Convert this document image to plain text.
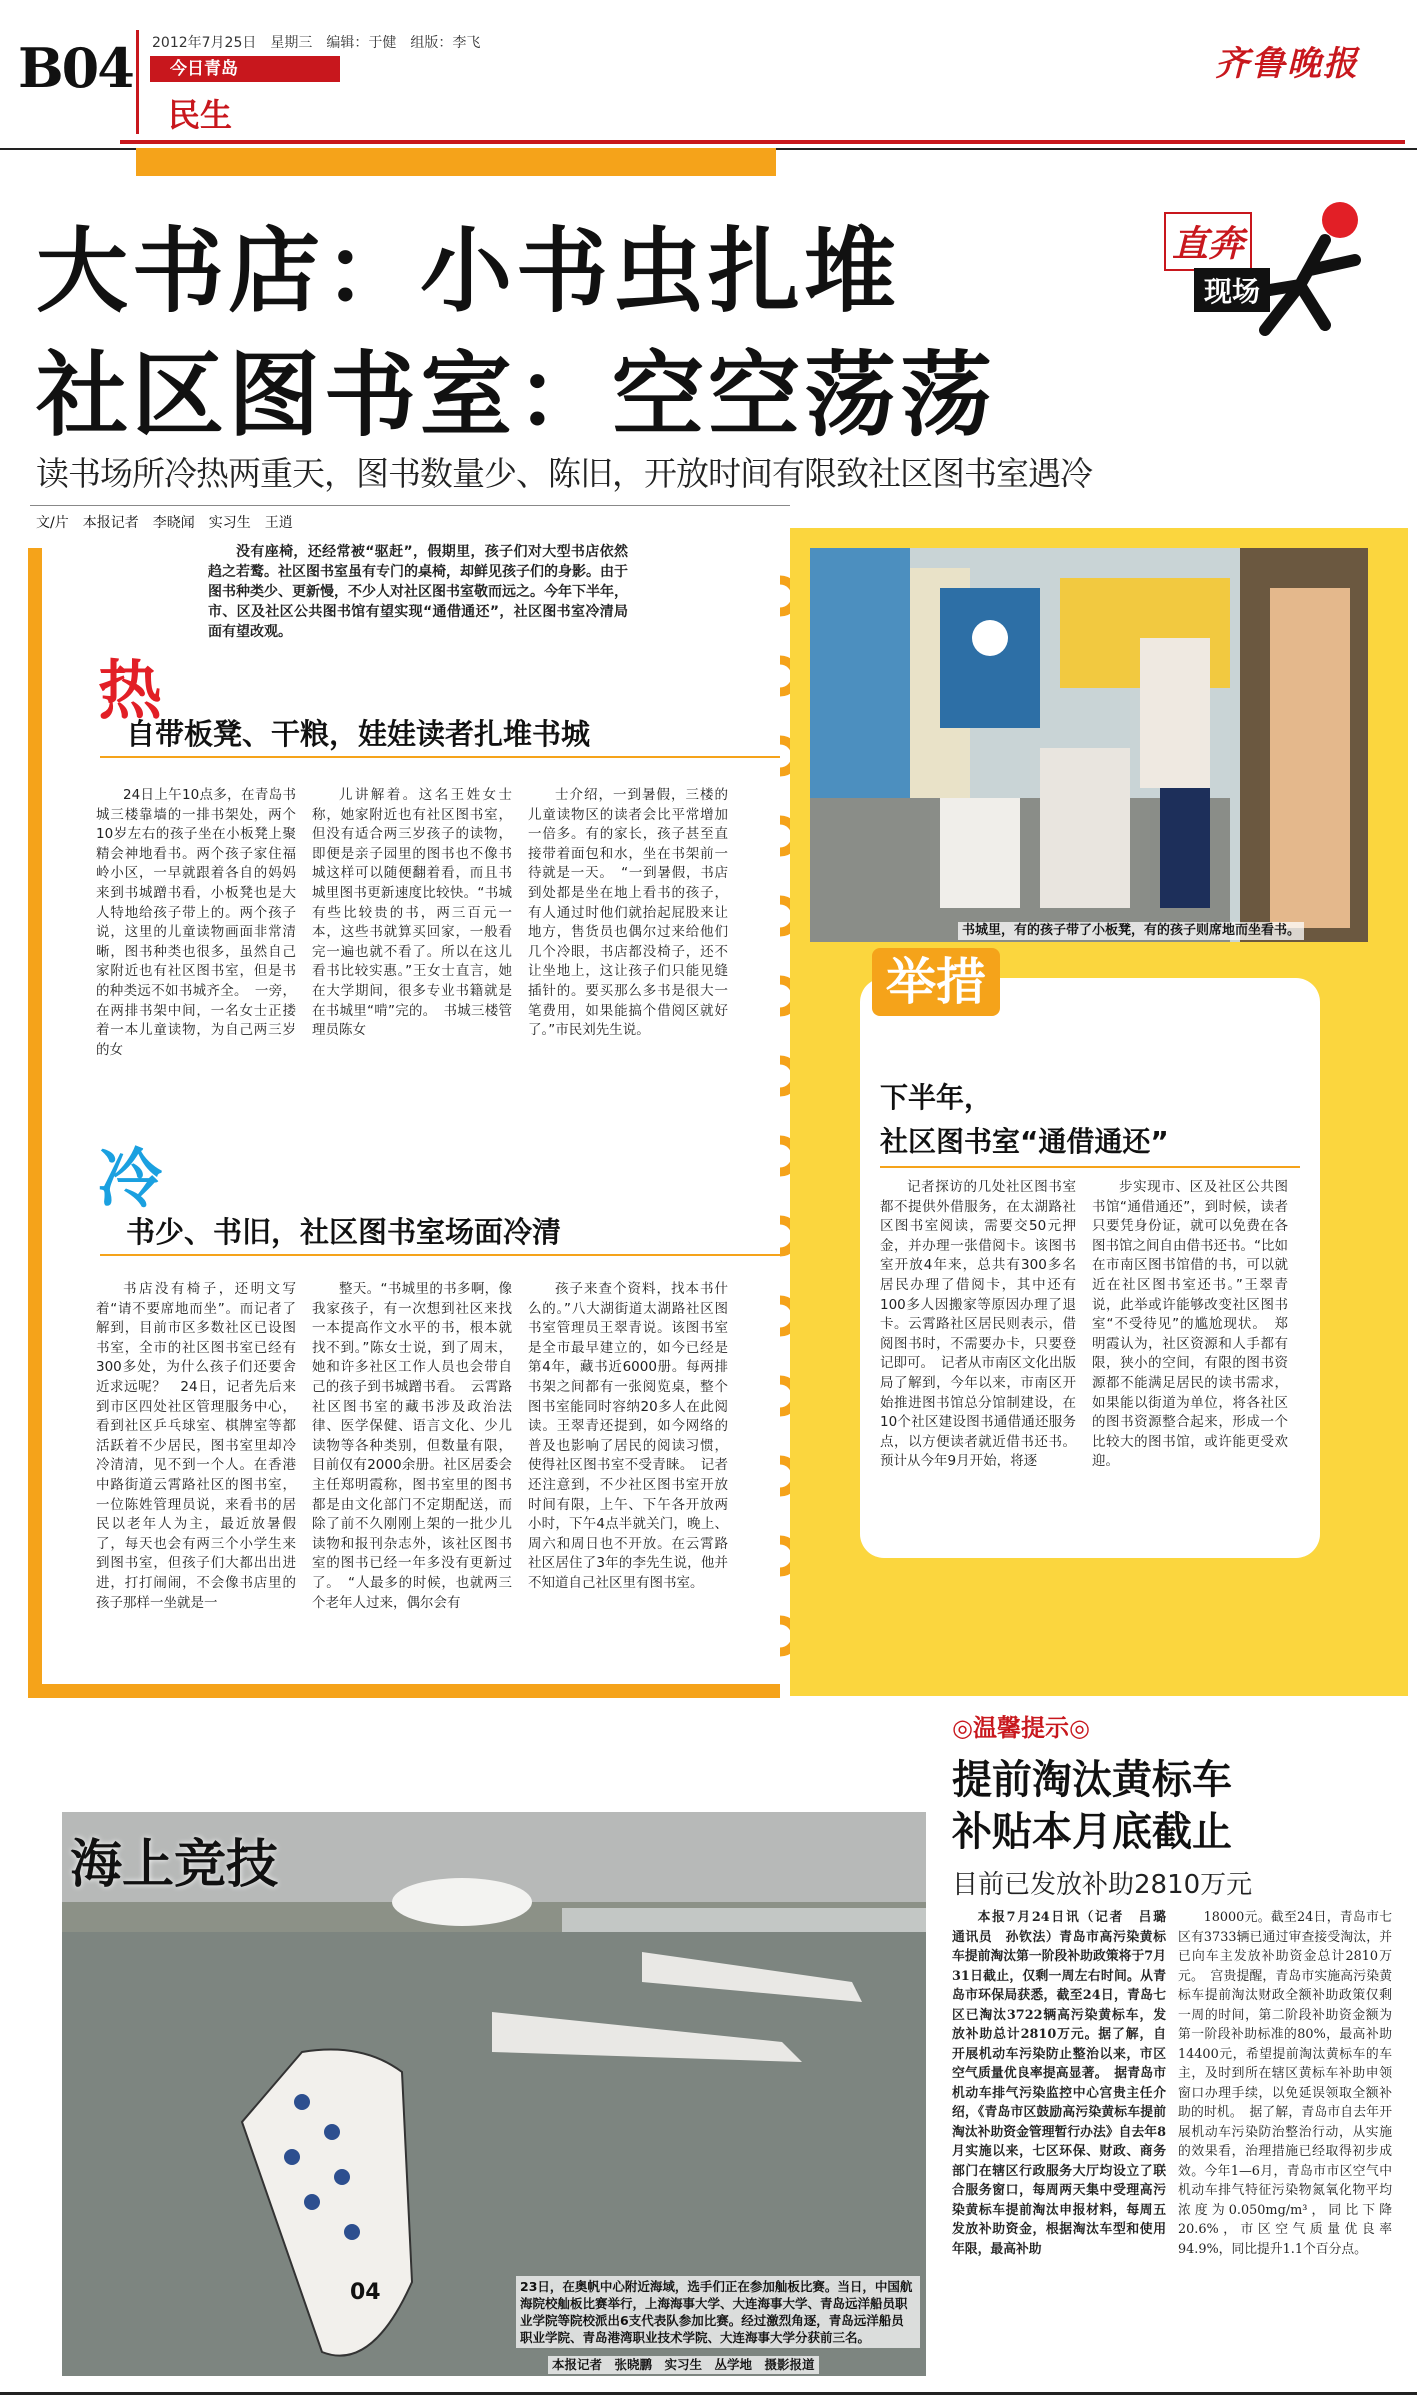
B04 2012年7月25日　星期三　编辑：于健　组版：李飞
今日青岛
民生
齐鲁晚报
大书店：小书虫扎堆
社区图书室：空空荡荡
直奔
现场
读书场所冷热两重天，图书数量少、陈旧，开放时间有限致社区图书室遇冷
文/片　本报记者　李晓闻　实习生　王逍
没有座椅，还经常被“驱赶”，假期里，孩子们对大型书店依然趋之若鹜。社区图书室虽有专门的桌椅，却鲜见孩子们的身影。由于图书种类少、更新慢，不少人对社区图书室敬而远之。今年下半年，市、区及社区公共图书馆有望实现“通借通还”，社区图书室冷清局面有望改观。
热
自带板凳、干粮，娃娃读者扎堆书城
24日上午10点多，在青岛书城三楼靠墙的一排书架处，两个10岁左右的孩子坐在小板凳上聚精会神地看书。两个孩子家住福岭小区，一早就跟着各自的妈妈来到书城蹭书看，小板凳也是大人特地给孩子带上的。两个孩子说，这里的儿童读物画面非常清晰，图书种类也很多，虽然自己家附近也有社区图书室，但是书的种类远不如书城齐全。　一旁，在两排书架中间，一名女士正搂着一本儿童读物，为自己两三岁的女
儿讲解着。这名王姓女士称，她家附近也有社区图书室，但没有适合两三岁孩子的读物，即便是亲子园里的图书也不像书城这样可以随便翻着看，而且书城里图书更新速度比较快。“书城有些比较贵的书，两三百元一本，这些书就算买回家，一般看完一遍也就不看了。所以在这儿看书比较实惠。”王女士直言，她在大学期间，很多专业书籍就是在书城里“啃”完的。　书城三楼管理员陈女
士介绍，一到暑假，三楼的儿童读物区的读者会比平常增加一倍多。有的家长，孩子甚至直接带着面包和水，坐在书架前一待就是一天。　“一到暑假，书店到处都是坐在地上看书的孩子，有人通过时他们就抬起屁股来让地方，售货员也偶尔过来给他们几个冷眼，书店都没椅子，还不让坐地上，这让孩子们只能见缝插针的。要买那么多书是很大一笔费用，如果能搞个借阅区就好了。”市民刘先生说。
冷
书少、书旧，社区图书室场面冷清
书店没有椅子，还明文写着“请不要席地而坐”。而记者了解到，目前市区多数社区已设图书室，全市的社区图书室已经有300多处，为什么孩子们还要舍近求远呢？　24日，记者先后来到市区四处社区管理服务中心，看到社区乒乓球室、棋牌室等都活跃着不少居民，图书室里却冷冷清清，见不到一个人。在香港中路街道云霄路社区的图书室，一位陈姓管理员说，来看书的居民以老年人为主，最近放暑假了，每天也会有两三个小学生来到图书室，但孩子们大都出出进进，打打闹闹，不会像书店里的孩子那样一坐就是一
整天。“书城里的书多啊，像我家孩子，有一次想到社区来找一本提高作文水平的书，根本就找不到。”陈女士说，到了周末，她和许多社区工作人员也会带自己的孩子到书城蹭书看。　云霄路社区图书室的藏书涉及政治法律、医学保健、语言文化、少儿读物等各种类别，但数量有限，目前仅有2000余册。社区居委会主任郑明霞称，图书室里的图书都是由文化部门不定期配送，而除了前不久刚刚上架的一批少儿读物和报刊杂志外，该社区图书室的图书已经一年多没有更新过了。　“人最多的时候，也就两三个老年人过来，偶尔会有
孩子来查个资料，找本书什么的。”八大湖街道太湖路社区图书室管理员王翠青说。该图书室是全市最早建立的，如今已经是第4年，藏书近6000册。每两排书架之间都有一张阅览桌，整个图书室能同时容纳20多人在此阅读。王翠青还提到，如今网络的普及也影响了居民的阅读习惯，使得社区图书室不受青睐。　记者还注意到，不少社区图书室开放时间有限，上午、下午各开放两小时，下午4点半就关门，晚上、周六和周日也不开放。在云霄路社区居住了3年的李先生说，他并不知道自己社区里有图书室。
书城里，有的孩子带了小板凳，有的孩子则席地而坐看书。
举措
下半年，
社区图书室“通借通还”
记者探访的几处社区图书室都不提供外借服务，在太湖路社区图书室阅读，需要交50元押金，并办理一张借阅卡。该图书室开放4年来，总共有300多名居民办理了借阅卡，其中还有100多人因搬家等原因办理了退卡。云霄路社区居民则表示，借阅图书时，不需要办卡，只要登记即可。　记者从市南区文化出版局了解到，今年以来，市南区开始推进图书馆总分馆制建设，在10个社区建设图书通借通还服务点，以方便读者就近借书还书。预计从今年9月开始，将逐
步实现市、区及社区公共图书馆“通借通还”，到时候，读者只要凭身份证，就可以免费在各图书馆之间自由借书还书。“比如在市南区图书馆借的书，可以就近在社区图书室还书。”王翠青说，此举或许能够改变社区图书室“不受待见”的尴尬现状。　郑明霞认为，社区资源和人手都有限，狭小的空间，有限的图书资源都不能满足居民的读书需求，如果能以街道为单位，将各社区的图书资源整合起来，形成一个比较大的图书馆，或许能更受欢迎。
◎温馨提示◎
提前淘汰黄标车
补贴本月底截止
目前已发放补助2810万元
本报7月24日讯（记者　吕璐　通讯员　孙钦法）青岛市高污染黄标车提前淘汰第一阶段补助政策将于7月31日截止，仅剩一周左右时间。从青岛市环保局获悉，截至24日，青岛七区已淘汰3722辆高污染黄标车，发放补助总计2810万元。据了解，自开展机动车污染防止整治以来，市区空气质量优良率提高显著。　据青岛市机动车排气污染监控中心宫贵主任介绍，《青岛市区鼓励高污染黄标车提前淘汰补助资金管理暂行办法》自去年8月实施以来，七区环保、财政、商务部门在辖区行政服务大厅均设立了联合服务窗口，每周两天集中受理高污染黄标车提前淘汰申报材料，每周五发放补助资金，根据淘汰车型和使用年限，最高补助
18000元。截至24日，青岛市七区有3733辆已通过审查接受淘汰，并已向车主发放补助资金总计2810万元。　宫贵提醒，青岛市实施高污染黄标车提前淘汰财政全额补助政策仅剩一周的时间，第二阶段补助资金额为第一阶段补助标准的80%，最高补助14400元，希望提前淘汰黄标车的车主，及时到所在辖区黄标车补助申领窗口办理手续，以免延误领取全额补助的时机。　据了解，青岛市自去年开展机动车污染防治整治行动，从实施的效果看，治理措施已经取得初步成效。今年1—6月，青岛市市区空气中机动车排气特征污染物氮氧化物平均浓度为0.050mg/m³，同比下降20.6%，市区空气质量优良率94.9%，同比提升1.1个百分点。
04
海上竞技
23日，在奥帆中心附近海域，选手们正在参加舢板比赛。当日，中国航海院校舢板比赛举行，上海海事大学、大连海事大学、青岛远洋船员职业学院等院校派出6支代表队参加比赛。经过激烈角逐，青岛远洋船员职业学院、青岛港湾职业技术学院、大连海事大学分获前三名。
本报记者　张晓鹏　实习生　丛学地　摄影报道
